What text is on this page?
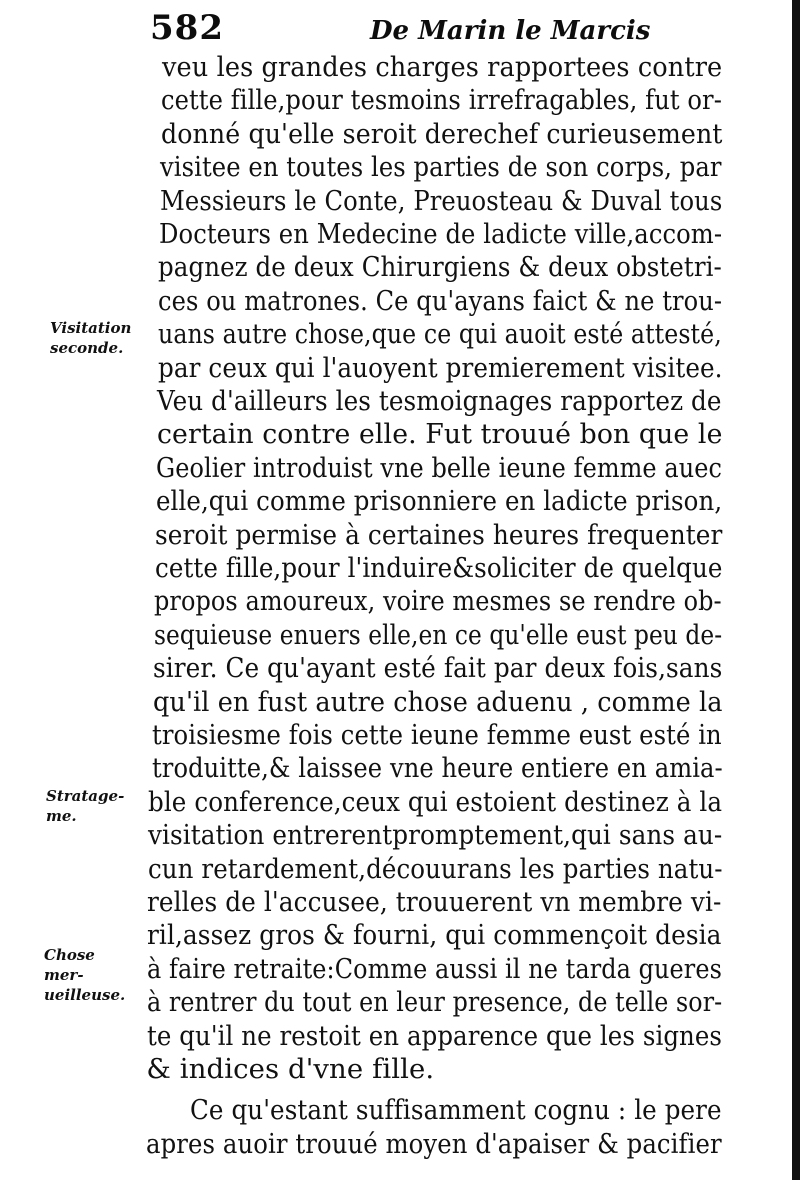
582	De Marin le Marcis
veu les grandes charges rapportees contre
cette fille,pour tesmoins irrefragables, fut or-
donné qu'elle seroit derechef curieusement
visitee en toutes les parties de son corps, par
Messieurs le Conte, Preuosteau & Duval tous
Docteurs en Medecine de ladicte ville,accom-
pagnez de deux Chirurgiens & deux obstetri-
ces ou matrones. Ce qu'ayans faict & ne trou-
uans autre chose,que ce qui auoit esté attesté,
par ceux qui l'auoyent premierement visitee.
Veu d'ailleurs les tesmoignages rapportez de
certain contre elle. Fut trouué bon que le
Geolier introduist vne belle ieune femme auec
elle,qui comme prisonniere en ladicte prison,
seroit permise à certaines heures frequenter
cette fille,pour l'induire&soliciter de quelque
propos amoureux, voire mesmes se rendre ob-
sequieuse enuers elle,en ce qu'elle eust peu de-
sirer. Ce qu'ayant esté fait par deux fois,sans
qu'il en fust autre chose aduenu , comme la
troisiesme fois cette ieune femme eust esté in
troduitte,& laissee vne heure entiere en amia-
ble conference,ceux qui estoient destinez à la
visitation entrerentpromptement,qui sans au-
cun retardement,découurans les parties natu-
relles de l'accusee, trouuerent vn membre vi-
ril,assez gros & fourni, qui commençoit desia
à faire retraite:Comme aussi il ne tarda gueres
à rentrer du tout en leur presence, de telle sor-
te qu'il ne restoit en apparence que les signes
& indices d'vne fille.
Ce qu'estant suffisamment cognu : le pere
apres auoir trouué moyen d'apaiser & pacifier
Visitation seconde.
Stratage-me.
Chose mer-ueilleuse.
